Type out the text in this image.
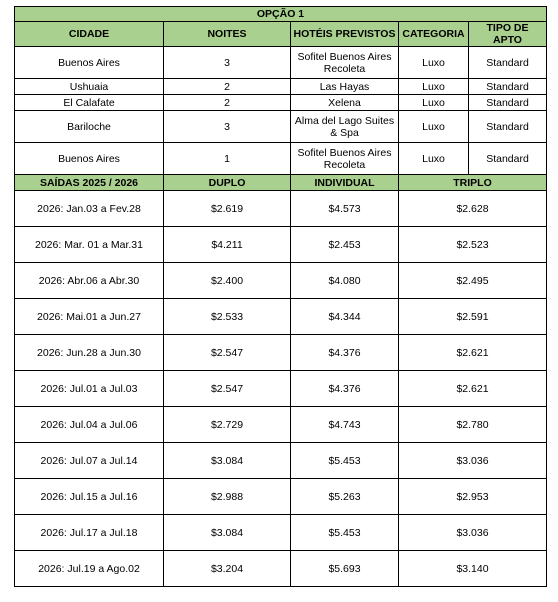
OPÇÃO 1				
CIDADE	NOITES	HOTÉIS PREVISTOS	CATEGORIA	TIPO DE APTO
Buenos Aires	3	Sofitel Buenos Aires Recoleta	Luxo	Standard
Ushuaia	2	Las Hayas	Luxo	Standard
El Calafate	2	Xelena	Luxo	Standard
Bariloche	3	Alma del Lago Suites & Spa	Luxo	Standard
Buenos Aires	1	Sofitel Buenos Aires Recoleta	Luxo	Standard
SAÍDAS 2025 / 2026	DUPLO	INDIVIDUAL	TRIPLO	
2026: Jan.03 a Fev.28	$2.619	$4.573	$2.628	
2026: Mar. 01 a Mar.31	$4.211	$2.453	$2.523	
2026: Abr.06 a Abr.30	$2.400	$4.080	$2.495	
2026: Mai.01 a Jun.27	$2.533	$4.344	$2.591	
2026: Jun.28 a Jun.30	$2.547	$4.376	$2.621	
2026: Jul.01 a Jul.03	$2.547	$4.376	$2.621	
2026: Jul.04 a Jul.06	$2.729	$4.743	$2.780	
2026: Jul.07 a Jul.14	$3.084	$5.453	$3.036	
2026: Jul.15 a Jul.16	$2.988	$5.263	$2.953	
2026: Jul.17 a Jul.18	$3.084	$5.453	$3.036	
2026: Jul.19 a Ago.02	$3.204	$5.693	$3.140	
